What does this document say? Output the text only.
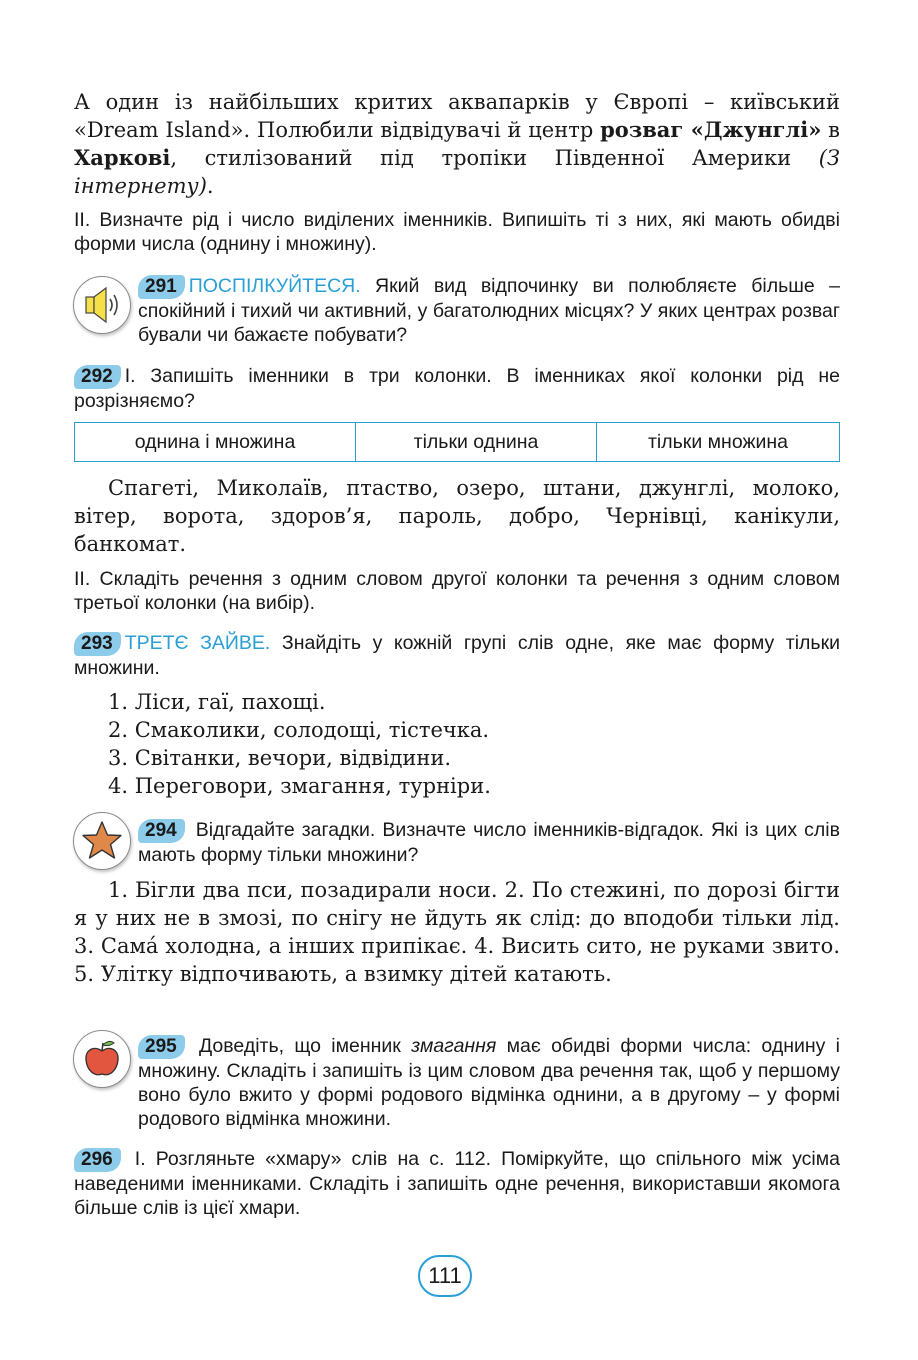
А один із найбільших критих аквапарків у Європі – київський «Dream Island». Полюбили відвідувачі й центр розваг «Джунглі» в Харкові, стилізований під тропіки Південної Америки (З інтернету).
II. Визначте рід і число виділених іменників. Випишіть ті з них, які мають обидві форми числа (однину і множину).
291 ПОСПІЛКУЙТЕСЯ. Який вид відпочинку ви полюбляєте більше – спокійний і тихий чи активний, у багатолюдних місцях? У яких центрах розваг бували чи бажаєте побувати?
292 I. Запишіть іменники в три колонки. В іменниках якої колонки рід не розрізняємо?
однина і множина	тільки однина	тільки множина
Спагеті, Миколаїв, птаство, озеро, штани, джунглі, молоко, вітер, ворота, здоров’я, пароль, добро, Чернівці, канікули, банкомат.
II. Складіть речення з одним словом другої колонки та речення з одним словом третьої колонки (на вибір).
293 ТРЕТЄ ЗАЙВЕ. Знайдіть у кожній групі слів одне, яке має форму тільки множини.
1. Ліси, гаї, пахощі.
2. Смаколики, солодощі, тістечка.
3. Світанки, вечори, відвідини.
4. Переговори, змагання, турніри.
294 Відгадайте загадки. Визначте число іменників-відгадок. Які із цих слів мають форму тільки множини?
1. Бігли два пси, позадирали носи. 2. По стежині, по дорозі бігти я у них не в змозі, по снігу не йдуть як слід: до вподоби тільки лід. 3. Самá холодна, а інших припікає. 4. Висить сито, не руками звито. 5. Улітку відпочивають, а взимку дітей катають.
295 Доведіть, що іменник змагання має обидві форми числа: однину і множину. Складіть і запишіть із цим словом два речення так, щоб у першому воно було вжито у формі родового відмінка однини, а в другому – у формі родового відмінка множини.
296 I. Розгляньте «хмару» слів на с. 112. Поміркуйте, що спільного між усіма наведеними іменниками. Складіть і запишіть одне речення, використавши якомога більше слів із цієї хмари.
111
